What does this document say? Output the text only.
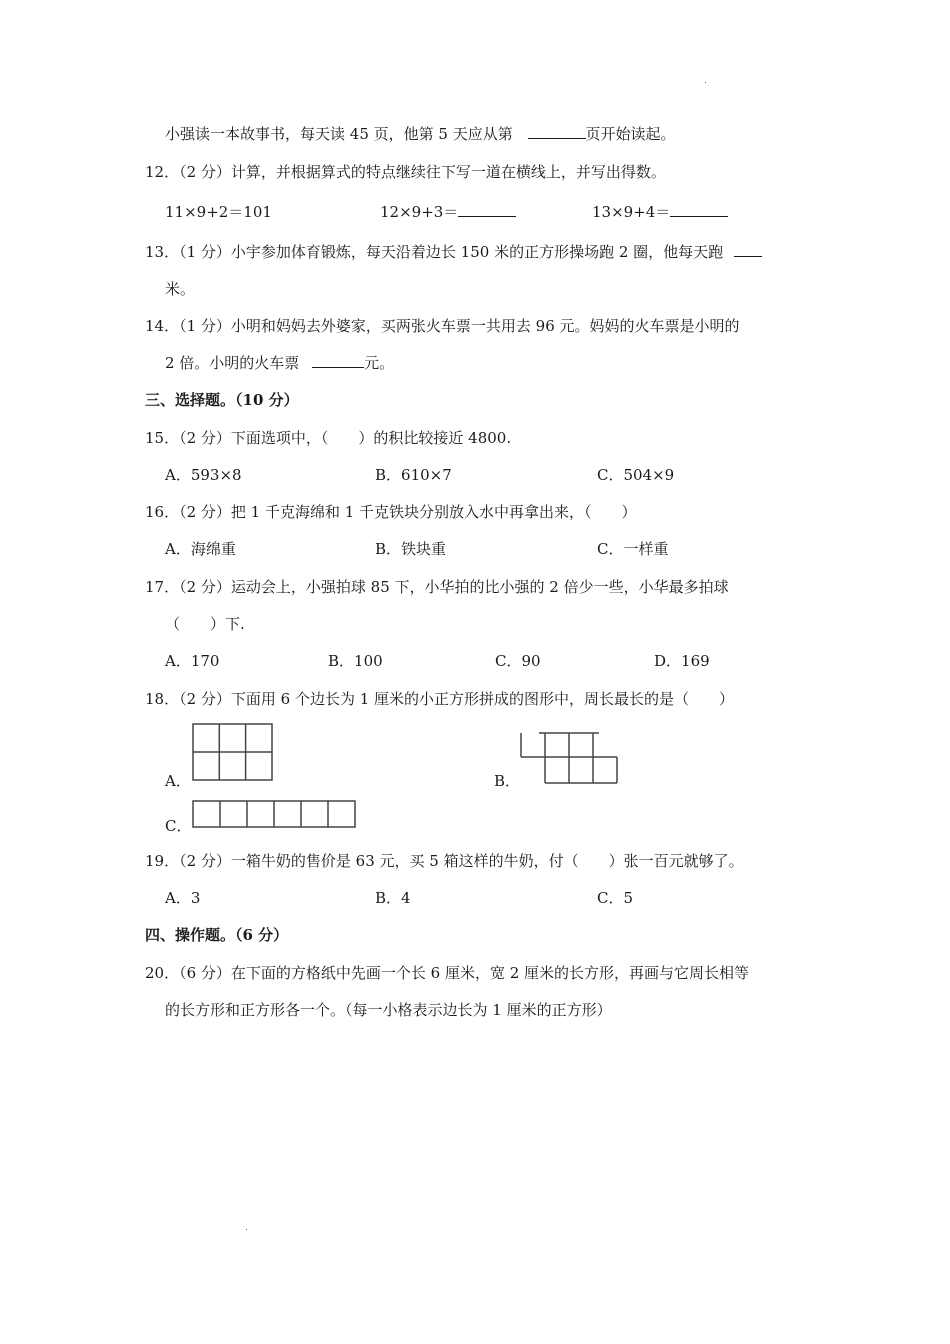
小强读一本故事书，每天读 45 页，他第 5 天应从第	页开始读起。
12．（2 分）计算，并根据算式的特点继续往下写一道在横线上，并写出得数。
11×9+2＝101	12×9+3＝	13×9+4＝
13．（1 分）小宇参加体育锻炼，每天沿着边长 150 米的正方形操场跑 2 圈，他每天跑
米。
14．（1 分）小明和妈妈去外婆家，买两张火车票一共用去 96 元。妈妈的火车票是小明的
2 倍。小明的火车票	元。
三、选择题。（10 分）
15．（2 分）下面选项中，（　　）的积比较接近 4800.
A．593×8	B．610×7	C．504×9
16．（2 分）把 1 千克海绵和 1 千克铁块分别放入水中再拿出来，（　　）
A．海绵重	B．铁块重	C．一样重
17．（2 分）运动会上，小强拍球 85 下，小华拍的比小强的 2 倍少一些，小华最多拍球
（　　）下.
A．170	B．100	C．90	D．169
18．（2 分）下面用 6 个边长为 1 厘米的小正方形拼成的图形中，周长最长的是（　　）
A．	B．
C．
19．（2 分）一箱牛奶的售价是 63 元，买 5 箱这样的牛奶，付（　　）张一百元就够了。
A．3	B．4	C．5
四、操作题。（6 分）
20．（6 分）在下面的方格纸中先画一个长 6 厘米，宽 2 厘米的长方形，再画与它周长相等
的长方形和正方形各一个。（每一小格表示边长为 1 厘米的正方形）
